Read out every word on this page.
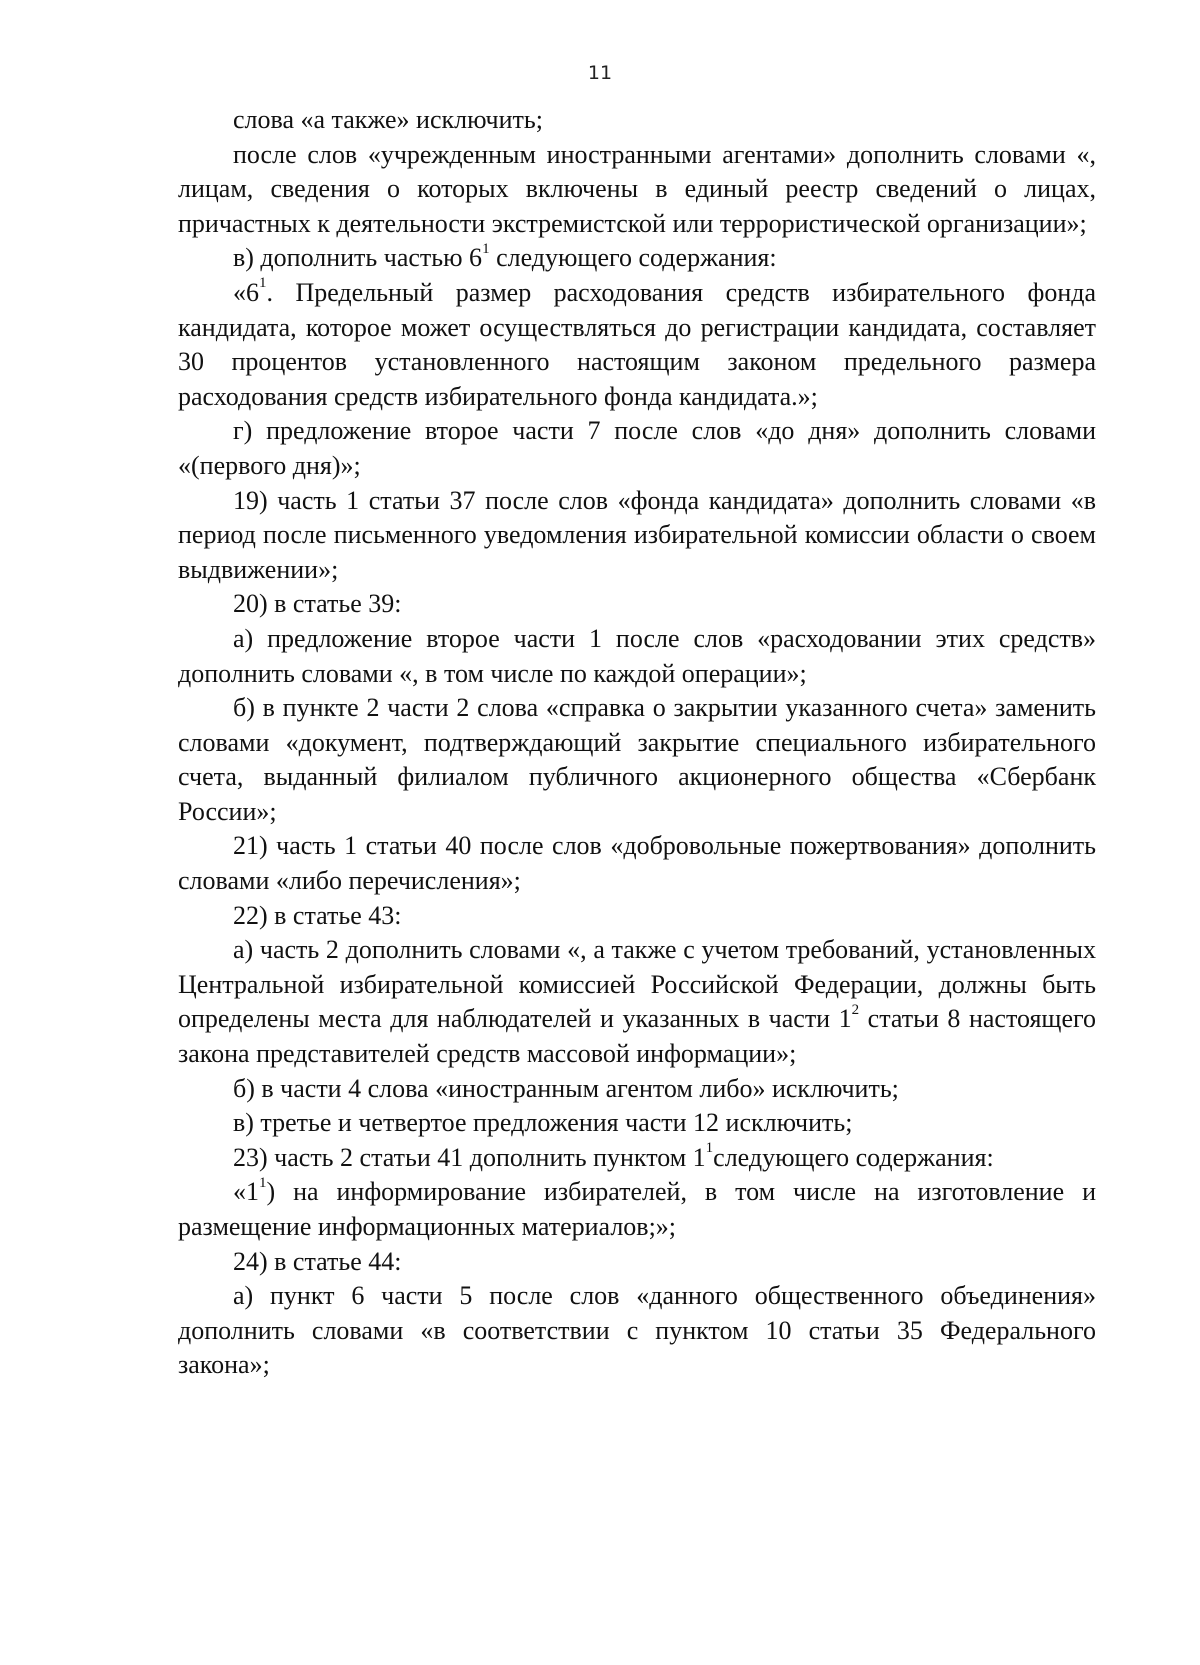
11

слова «а также» исключить;

после слов «учрежденным иностранными агентами» дополнить словами «, лицам, сведения о которых включены в единый реестр сведений о лицах, причастных к деятельности экстремистской или террористической организации»;

в) дополнить частью $6^1$ следующего содержания:

«$6^1$. Предельный размер расходования средств избирательного фонда кандидата, которое может осуществляться до регистрации кандидата, составляет 30 процентов установленного настоящим законом предельного размера расходования средств избирательного фонда кандидата.»;

г) предложение второе части 7 после слов «до дня» дополнить словами «(первого дня)»;

19) часть 1 статьи 37 после слов «фонда кандидата» дополнить словами «в период после письменного уведомления избирательной комиссии области о своем выдвижении»;

20) в статье 39:

а) предложение второе части 1 после слов «расходовании этих средств» дополнить словами «, в том числе по каждой операции»;

б) в пункте 2 части 2 слова «справка о закрытии указанного счета» заменить словами «документ, подтверждающий закрытие специального избирательного счета, выданный филиалом публичного акционерного общества «Сбербанк России»;

21) часть 1 статьи 40 после слов «добровольные пожертвования» дополнить словами «либо перечисления»;

22) в статье 43:

а) часть 2 дополнить словами «, а также с учетом требований, установленных Центральной избирательной комиссией Российской Федерации, должны быть определены места для наблюдателей и указанных в части $1^2$ статьи 8 настоящего закона представителей средств массовой информации»;

б) в части 4 слова «иностранным агентом либо» исключить;

в) третье и четвертое предложения части 12 исключить;

23) часть 2 статьи 41 дополнить пунктом $1^1следующего$ содержания:

«$1^1$) на информирование избирателей, в том числе на изготовление и размещение информационных материалов;»;

24) в статье 44:

а) пункт 6 части 5 после слов «данного общественного объединения» дополнить словами «в соответствии с пунктом 10 статьи 35 Федерального закона»;
